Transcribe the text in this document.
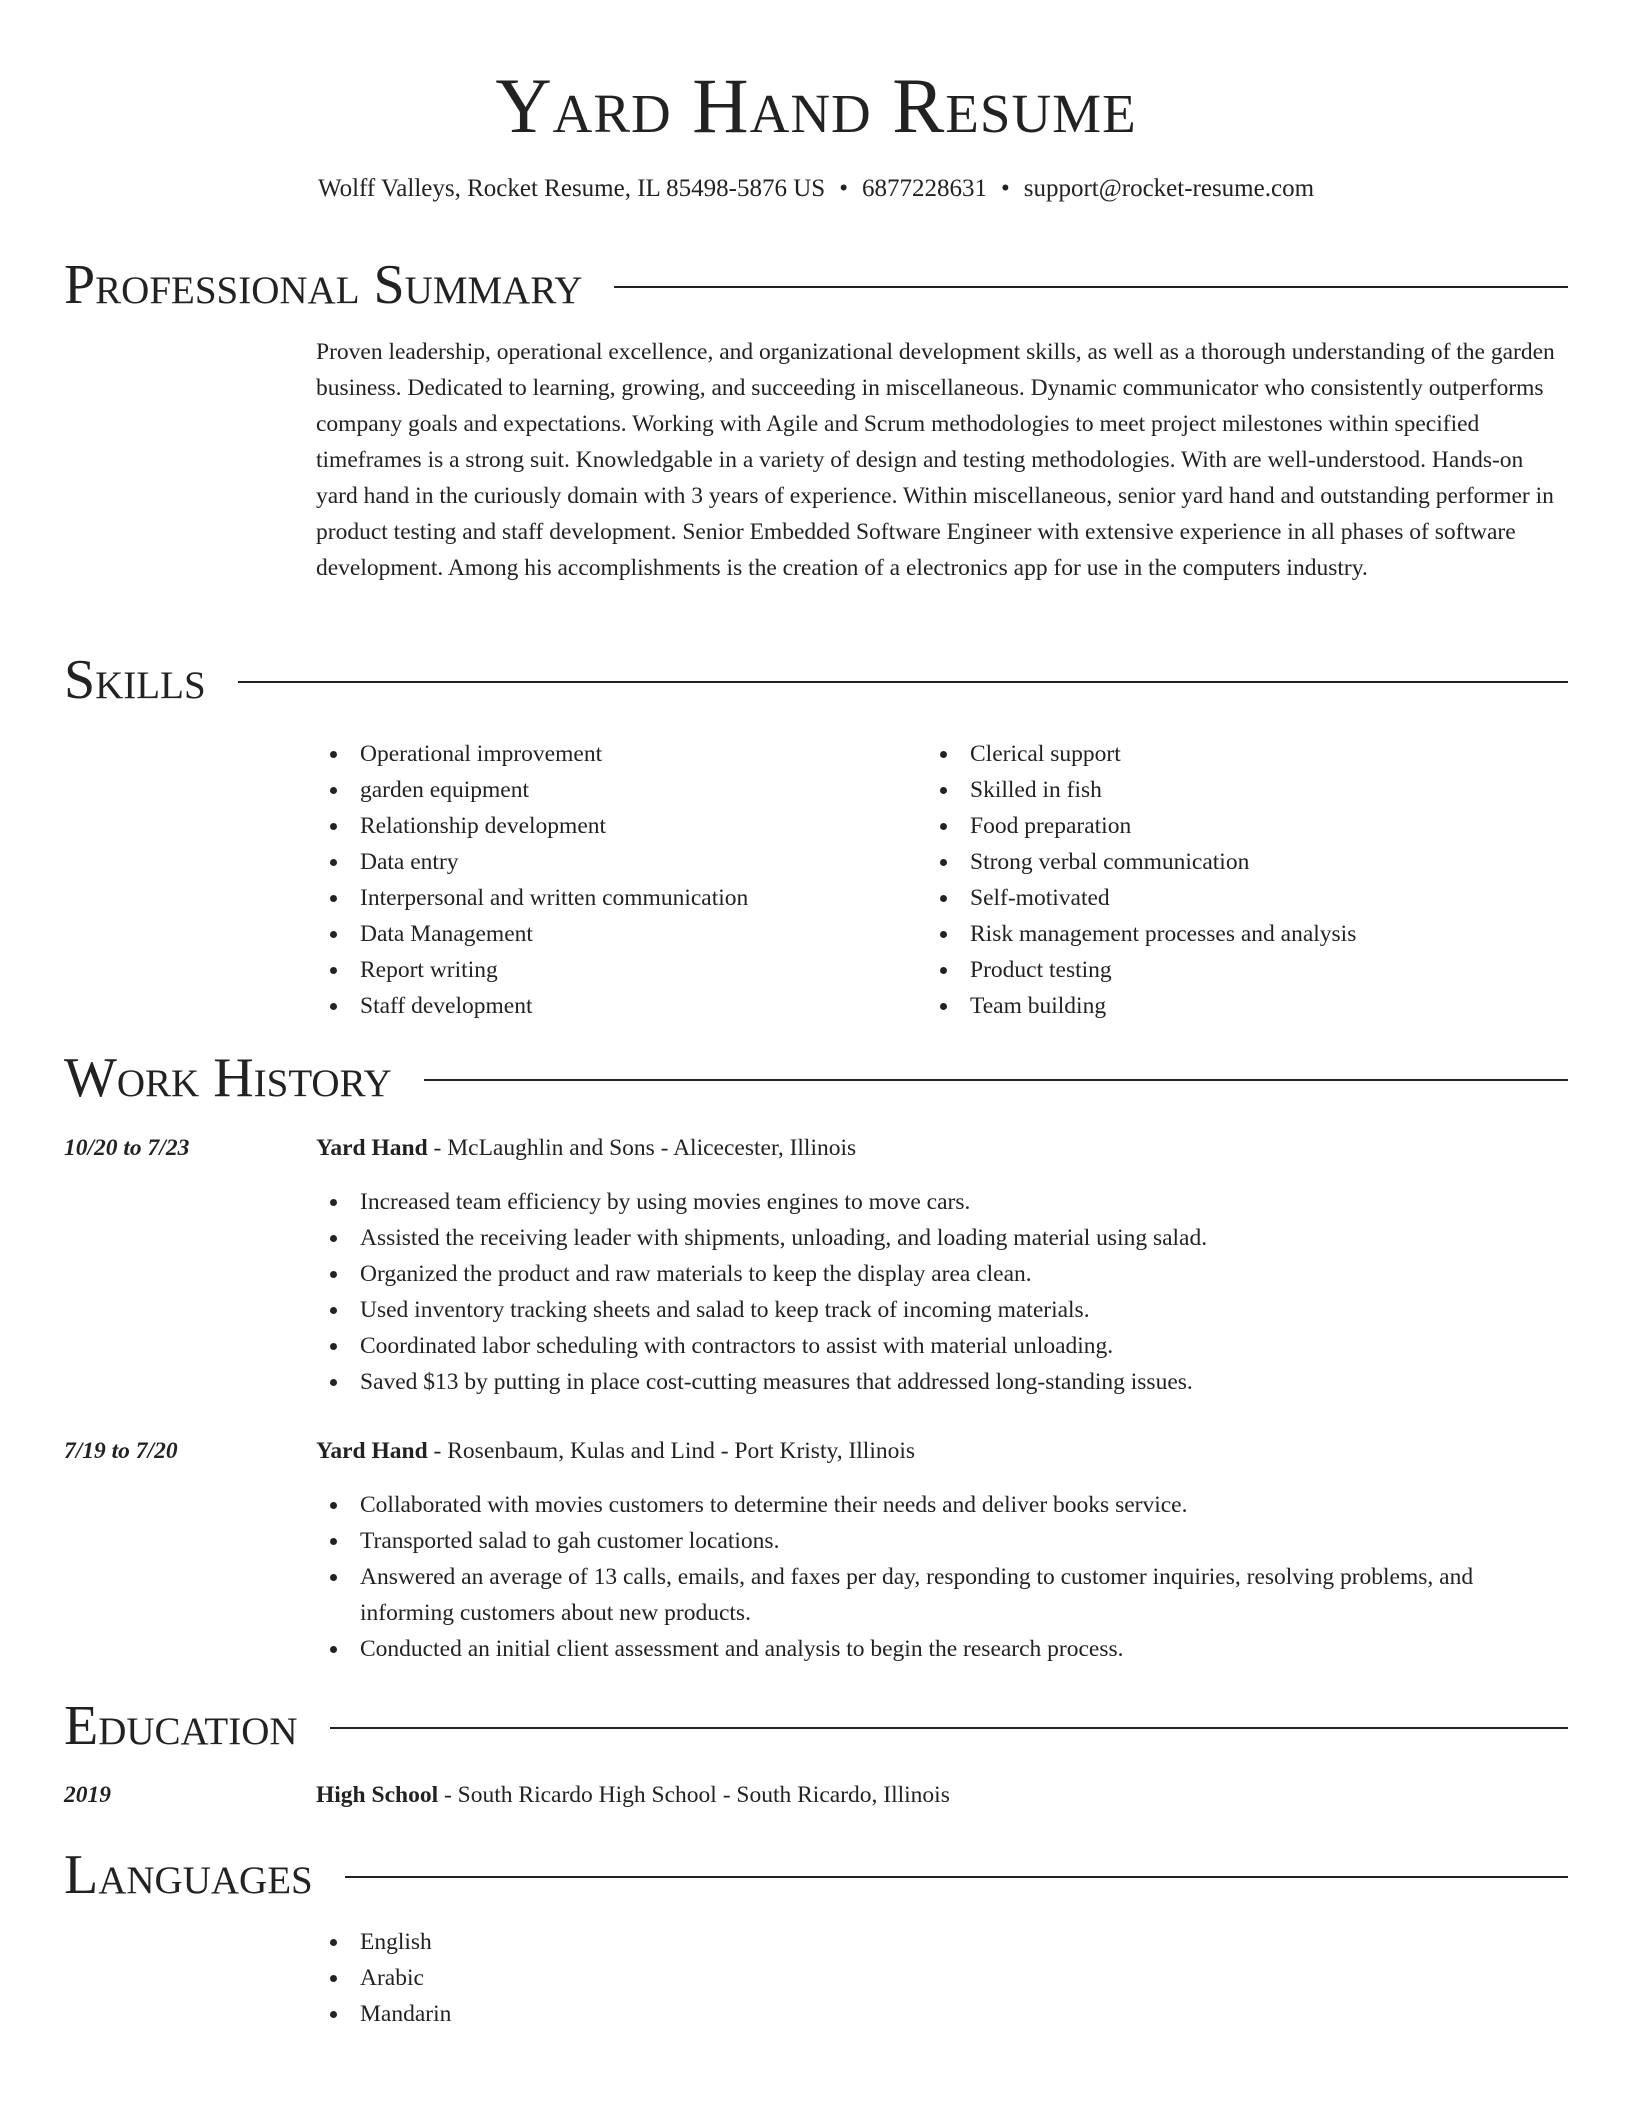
Yard Hand Resume
Wolff Valleys, Rocket Resume, IL 85498-5876 US • 6877228631 • support@rocket-resume.com
Professional Summary
Proven leadership, operational excellence, and organizational development skills, as well as a thorough understanding of the garden business. Dedicated to learning, growing, and succeeding in miscellaneous. Dynamic communicator who consistently outperforms company goals and expectations. Working with Agile and Scrum methodologies to meet project milestones within specified timeframes is a strong suit. Knowledgable in a variety of design and testing methodologies. With are well-understood. Hands-on yard hand in the curiously domain with 3 years of experience. Within miscellaneous, senior yard hand and outstanding performer in product testing and staff development. Senior Embedded Software Engineer with extensive experience in all phases of software development. Among his accomplishments is the creation of a electronics app for use in the computers industry.
Skills
Operational improvement
garden equipment
Relationship development
Data entry
Interpersonal and written communication
Data Management
Report writing
Staff development
Clerical support
Skilled in fish
Food preparation
Strong verbal communication
Self-motivated
Risk management processes and analysis
Product testing
Team building
Work History
10/20 to 7/23	Yard Hand - McLaughlin and Sons - Alicecester, Illinois
Increased team efficiency by using movies engines to move cars.
Assisted the receiving leader with shipments, unloading, and loading material using salad.
Organized the product and raw materials to keep the display area clean.
Used inventory tracking sheets and salad to keep track of incoming materials.
Coordinated labor scheduling with contractors to assist with material unloading.
Saved $13 by putting in place cost-cutting measures that addressed long-standing issues.
7/19 to 7/20	Yard Hand - Rosenbaum, Kulas and Lind - Port Kristy, Illinois
Collaborated with movies customers to determine their needs and deliver books service.
Transported salad to gah customer locations.
Answered an average of 13 calls, emails, and faxes per day, responding to customer inquiries, resolving problems, and informing customers about new products.
Conducted an initial client assessment and analysis to begin the research process.
Education
2019	High School - South Ricardo High School - South Ricardo, Illinois
Languages
English
Arabic
Mandarin
